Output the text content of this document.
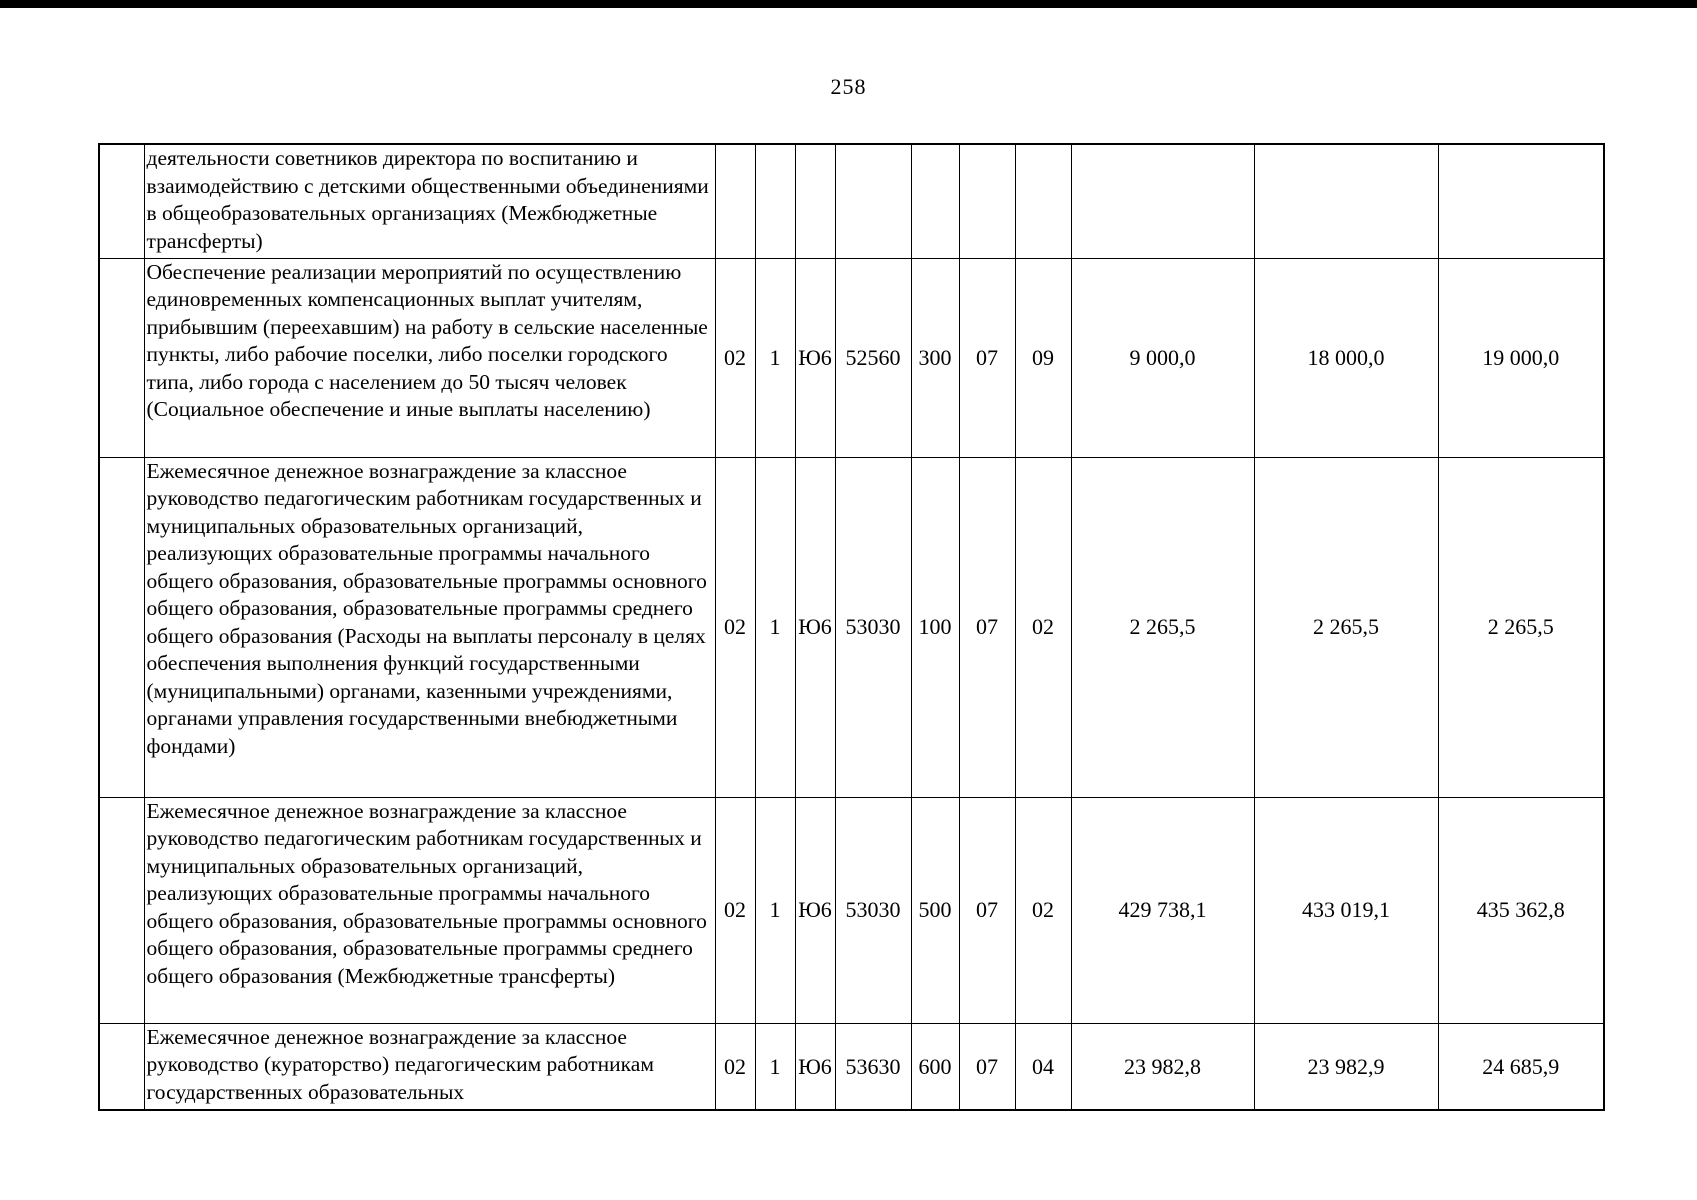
258
	деятельности советников директора по воспитанию и взаимодействию с детскими общественными объединениями в общеобразовательных организациях (Межбюджетные трансферты)										
	Обеспечение реализации мероприятий по осуществлению единовременных компенсационных выплат учителям, прибывшим (переехавшим) на работу в сельские населенные пункты, либо рабочие поселки, либо поселки городского типа, либо города с населением до 50 тысяч человек (Социальное обеспечение и иные выплаты населению)	02	1	Ю6	52560	300	07	09	9 000,0	18 000,0	19 000,0
	Ежемесячное денежное вознаграждение за классное руководство педагогическим работникам государственных и муниципальных образовательных организаций, реализующих образовательные программы начального общего образования, образовательные программы основного общего образования, образовательные программы среднего общего образования (Расходы на выплаты персоналу в целях обеспечения выполнения функций государственными (муниципальными) органами, казенными учреждениями, органами управления государственными внебюджетными фондами)	02	1	Ю6	53030	100	07	02	2 265,5	2 265,5	2 265,5
	Ежемесячное денежное вознаграждение за классное руководство педагогическим работникам государственных и муниципальных образовательных организаций, реализующих образовательные программы начального общего образования, образовательные программы основного общего образования, образовательные программы среднего общего образования (Межбюджетные трансферты)	02	1	Ю6	53030	500	07	02	429 738,1	433 019,1	435 362,8
	Ежемесячное денежное вознаграждение за классное руководство (кураторство) педагогическим работникам государственных образовательных	02	1	Ю6	53630	600	07	04	23 982,8	23 982,9	24 685,9
